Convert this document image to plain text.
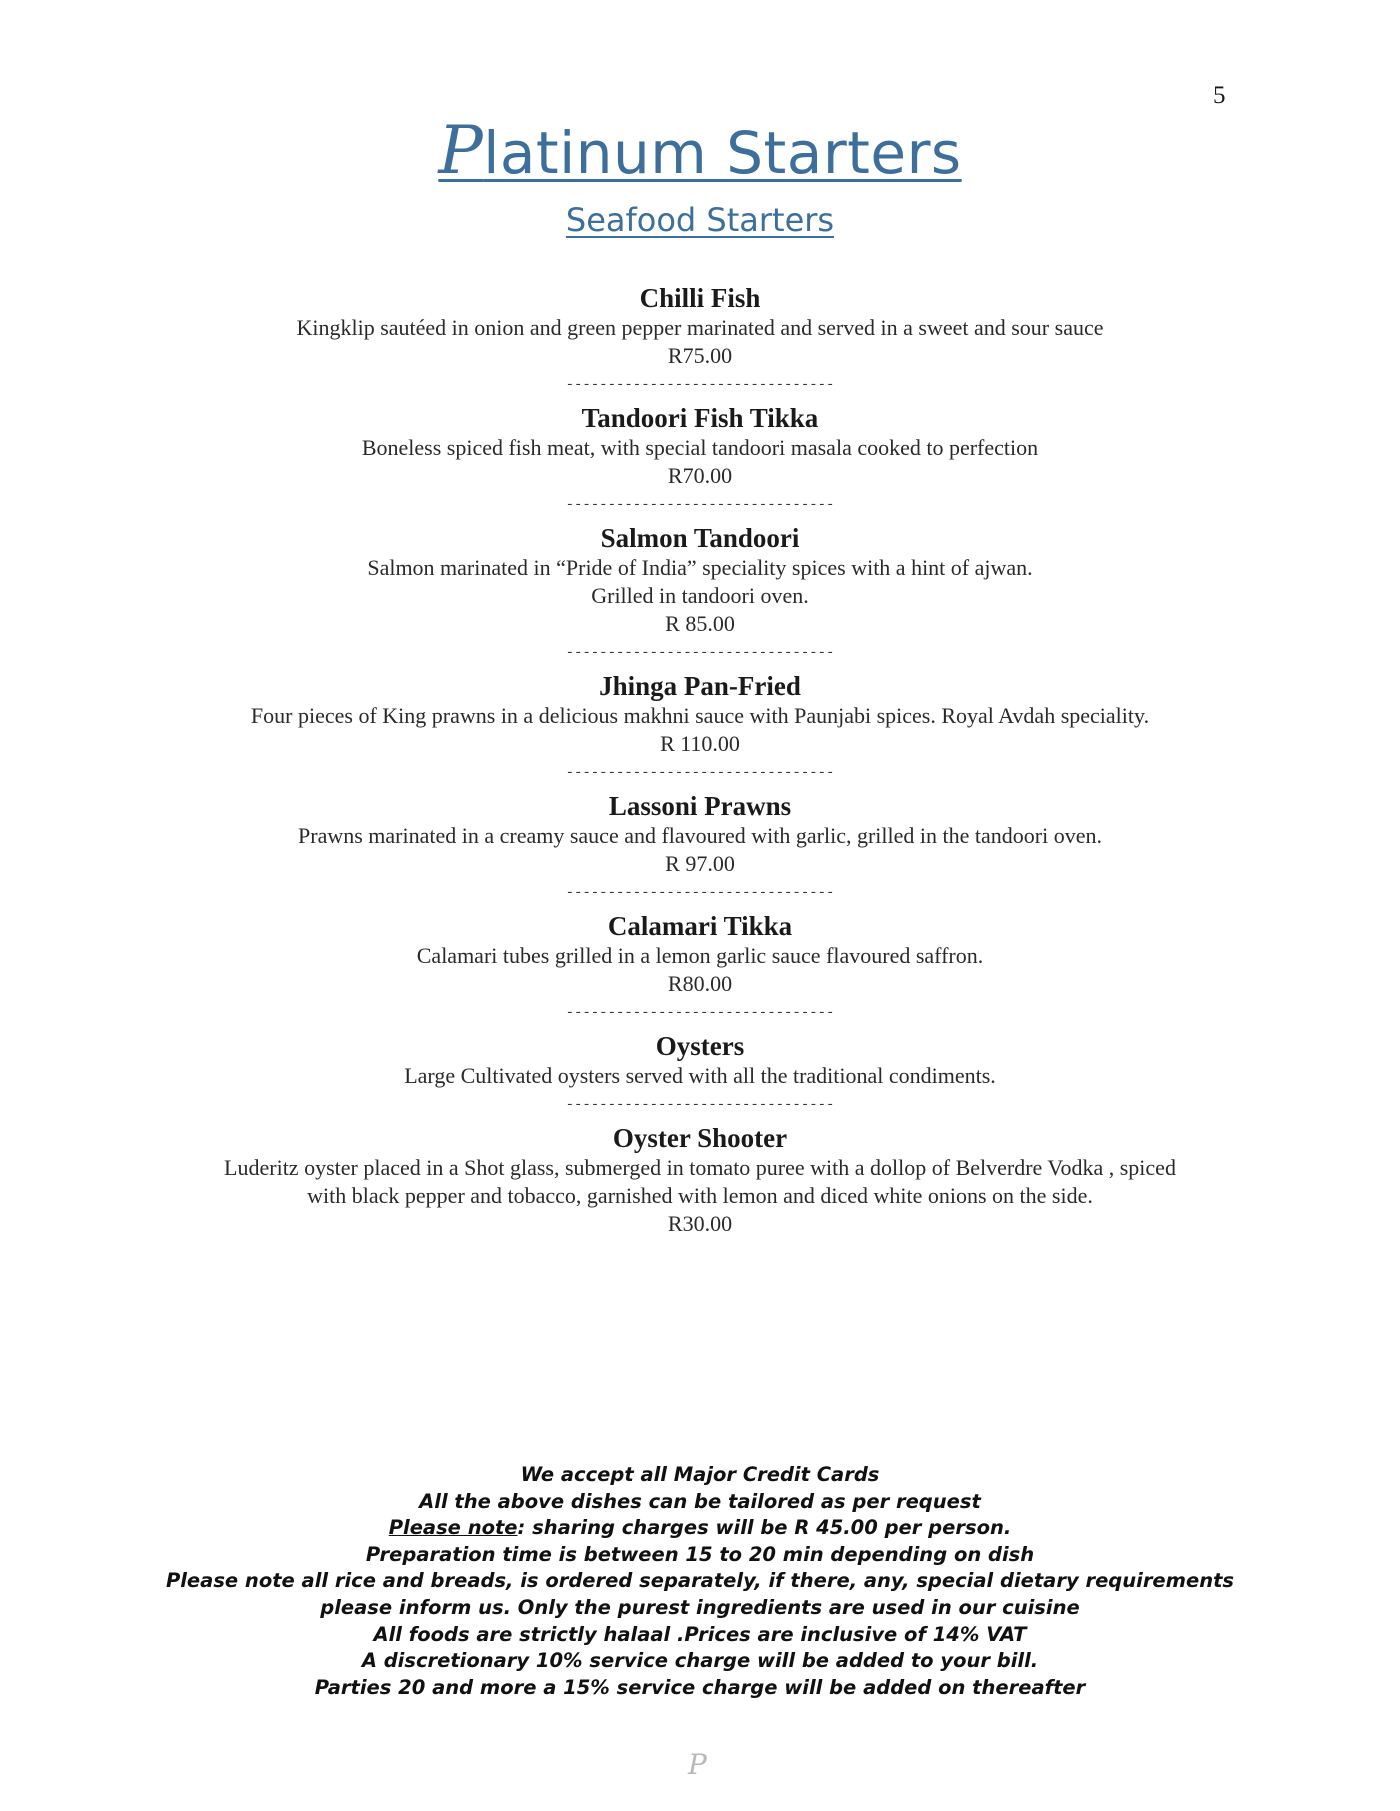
5
Platinum Starters
Seafood Starters
Chilli Fish
Kingklip sautéed in onion and green pepper marinated and served in a sweet and sour sauce
R75.00
--------------------------------
Tandoori Fish Tikka
Boneless spiced fish meat, with special tandoori masala cooked to perfection
R70.00
--------------------------------
Salmon Tandoori
Salmon marinated in “Pride of India” speciality spices with a hint of ajwan.
Grilled in tandoori oven.
R 85.00
--------------------------------
Jhinga Pan-Fried
Four pieces of King prawns in a delicious makhni sauce with Paunjabi spices. Royal Avdah speciality.
R 110.00
--------------------------------
Lassoni Prawns
Prawns marinated in a creamy sauce and flavoured with garlic, grilled in the tandoori oven.
R 97.00
--------------------------------
Calamari Tikka
Calamari tubes grilled in a lemon garlic sauce flavoured saffron.
R80.00
--------------------------------
Oysters
Large Cultivated oysters served with all the traditional condiments.
--------------------------------
Oyster Shooter
Luderitz oyster placed in a Shot glass, submerged in tomato puree with a dollop of Belverdre Vodka , spiced
with black pepper and tobacco, garnished with lemon and diced white onions on the side.
R30.00
We accept all Major Credit Cards
All the above dishes can be tailored as per request
Please note: sharing charges will be R 45.00 per person.
Preparation time is between 15 to 20 min depending on dish
Please note all rice and breads, is ordered separately, if there, any, special dietary requirements
please inform us. Only the purest ingredients are used in our cuisine
All foods are strictly halaal .Prices are inclusive of 14% VAT
A discretionary 10% service charge will be added to your bill.
Parties 20 and more a 15% service charge will be added on thereafter
P
